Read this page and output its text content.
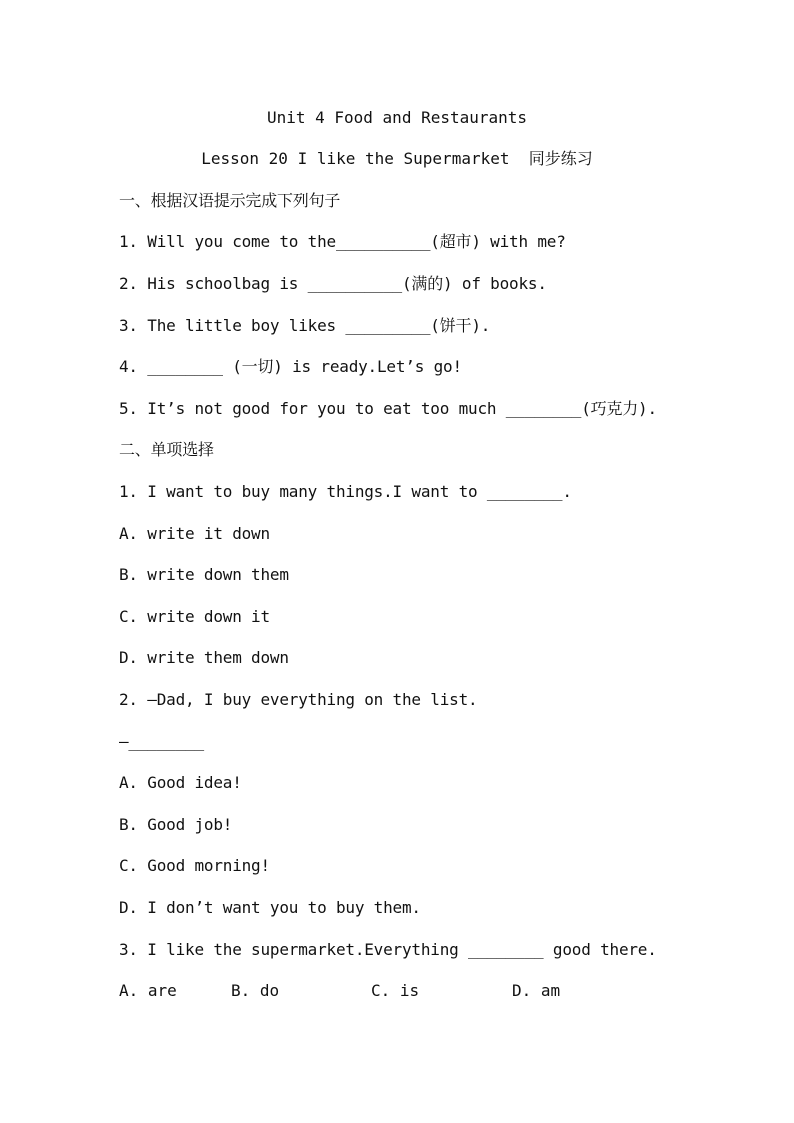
Unit 4 Food and Restaurants
Lesson 20 I like the Supermarket  同步练习
一、根据汉语提示完成下列句子
1. Will you come to the__________(超市) with me?
2. His schoolbag is __________(满的) of books.
3. The little boy likes _________(饼干).
4. ________ (一切) is ready.Let’s go!
5. It’s not good for you to eat too much ________(巧克力).
二、单项选择
1. I want to buy many things.I want to ________.
A. write it down
B. write down them
C. write down it
D. write them down
2. —Dad, I buy everything on the list.
—________
A. Good idea!
B. Good job!
C. Good morning!
D. I don’t want you to buy them.
3. I like the supermarket.Everything ________ good there.
A. are	B. do	C. is	D. am
